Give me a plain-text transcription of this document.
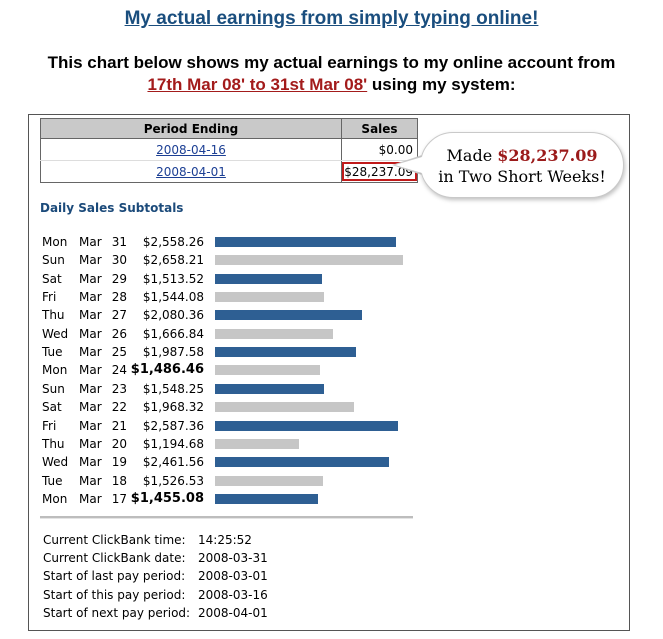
My actual earnings from simply typing online!
This chart below shows my actual earnings to my online account from
17th Mar 08' to 31st Mar 08' using my system:
Period Ending	Sales
2008-04-16	$0.00
2008-04-01	$28,237.09
Made $28,237.09
in Two Short Weeks!
Daily Sales Subtotals
Mon Mar 31	$2,558.26
Sun Mar 30	$2,658.21
Sat Mar 29	$1,513.52
Fri Mar 28	$1,544.08
Thu Mar 27	$2,080.36
Wed Mar 26	$1,666.84
Tue Mar 25	$1,987.58
Mon Mar 24 $1,486.46
Sun Mar 23	$1,548.25
Sat Mar 22	$1,968.32
Fri Mar 21	$2,587.36
Thu Mar 20	$1,194.68
Wed Mar 19	$2,461.56
Tue Mar 18	$1,526.53
Mon Mar 17 $1,455.08
Current ClickBank time: 14:25:52
Current ClickBank date: 2008-03-31
Start of last pay period: 2008-03-01
Start of this pay period: 2008-03-16
Start of next pay period: 2008-04-01
